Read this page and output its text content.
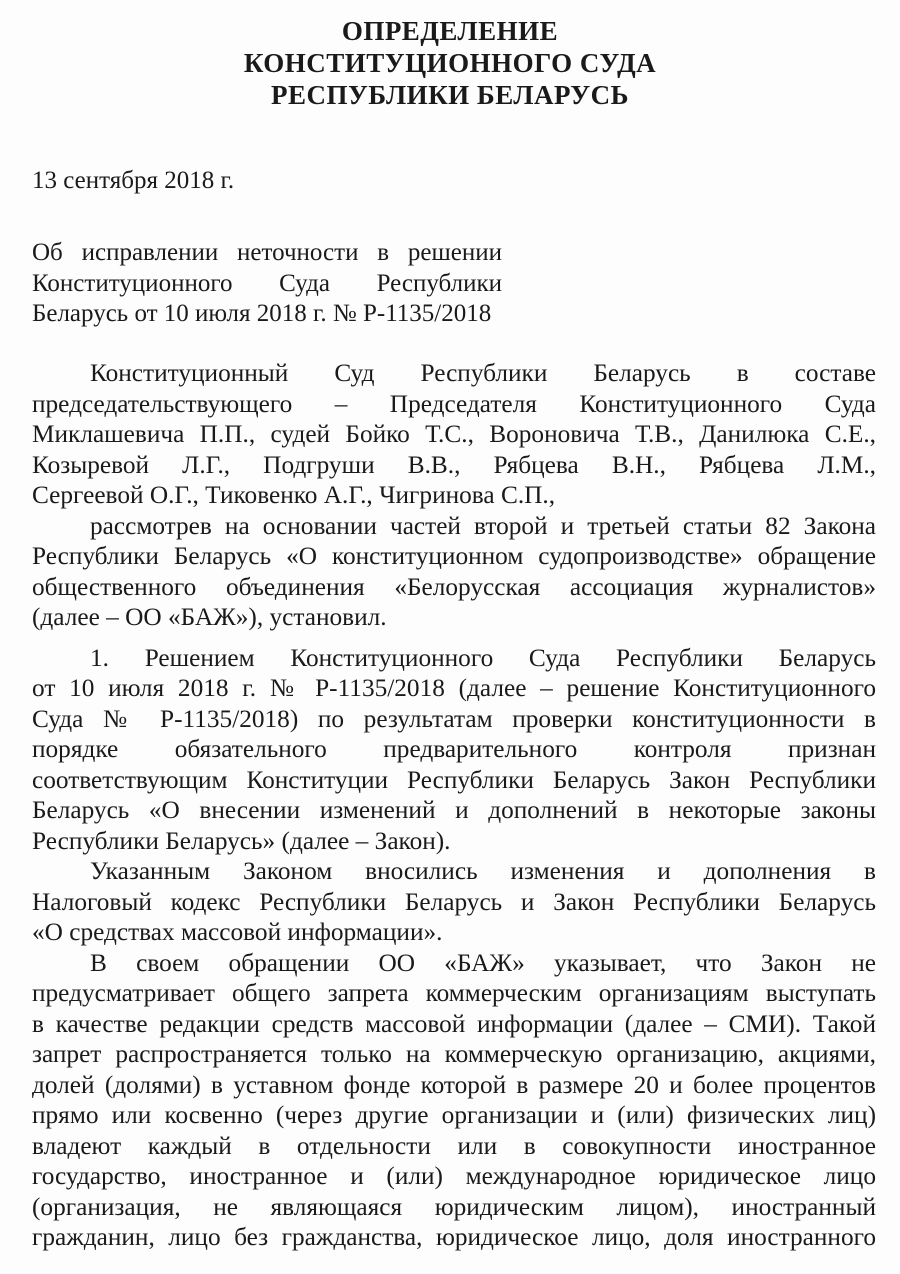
ОПРЕДЕЛЕНИЕ
КОНСТИТУЦИОННОГО СУДА
РЕСПУБЛИКИ БЕЛАРУСЬ
13 сентября 2018 г.
Об исправлении неточности в решении
Конституционного Суда Республики
Беларусь от 10 июля 2018 г. № Р-1135/2018
Конституционный Суд Республики Беларусь в составе
председательствующего – Председателя Конституционного Суда
Миклашевича П.П., судей Бойко Т.С., Вороновича Т.В., Данилюка С.Е.,
Козыревой Л.Г., Подгруши В.В., Рябцева В.Н., Рябцева Л.М.,
Сергеевой О.Г., Тиковенко А.Г., Чигринова С.П.,
рассмотрев на основании частей второй и третьей статьи 82 Закона
Республики Беларусь «О конституционном судопроизводстве» обращение
общественного объединения «Белорусская ассоциация журналистов»
(далее – ОО «БАЖ»), установил.
1. Решением Конституционного Суда Республики Беларусь
от 10 июля 2018 г. № Р-1135/2018 (далее – решение Конституционного
Суда № Р-1135/2018) по результатам проверки конституционности в
порядке обязательного предварительного контроля признан
соответствующим Конституции Республики Беларусь Закон Республики
Беларусь «О внесении изменений и дополнений в некоторые законы
Республики Беларусь» (далее – Закон).
Указанным Законом вносились изменения и дополнения в
Налоговый кодекс Республики Беларусь и Закон Республики Беларусь
«О средствах массовой информации».
В своем обращении ОО «БАЖ» указывает, что Закон не
предусматривает общего запрета коммерческим организациям выступать
в качестве редакции средств массовой информации (далее – СМИ). Такой
запрет распространяется только на коммерческую организацию, акциями,
долей (долями) в уставном фонде которой в размере 20 и более процентов
прямо или косвенно (через другие организации и (или) физических лиц)
владеют каждый в отдельности или в совокупности иностранное
государство, иностранное и (или) международное юридическое лицо
(организация, не являющаяся юридическим лицом), иностранный
гражданин, лицо без гражданства, юридическое лицо, доля иностранного
